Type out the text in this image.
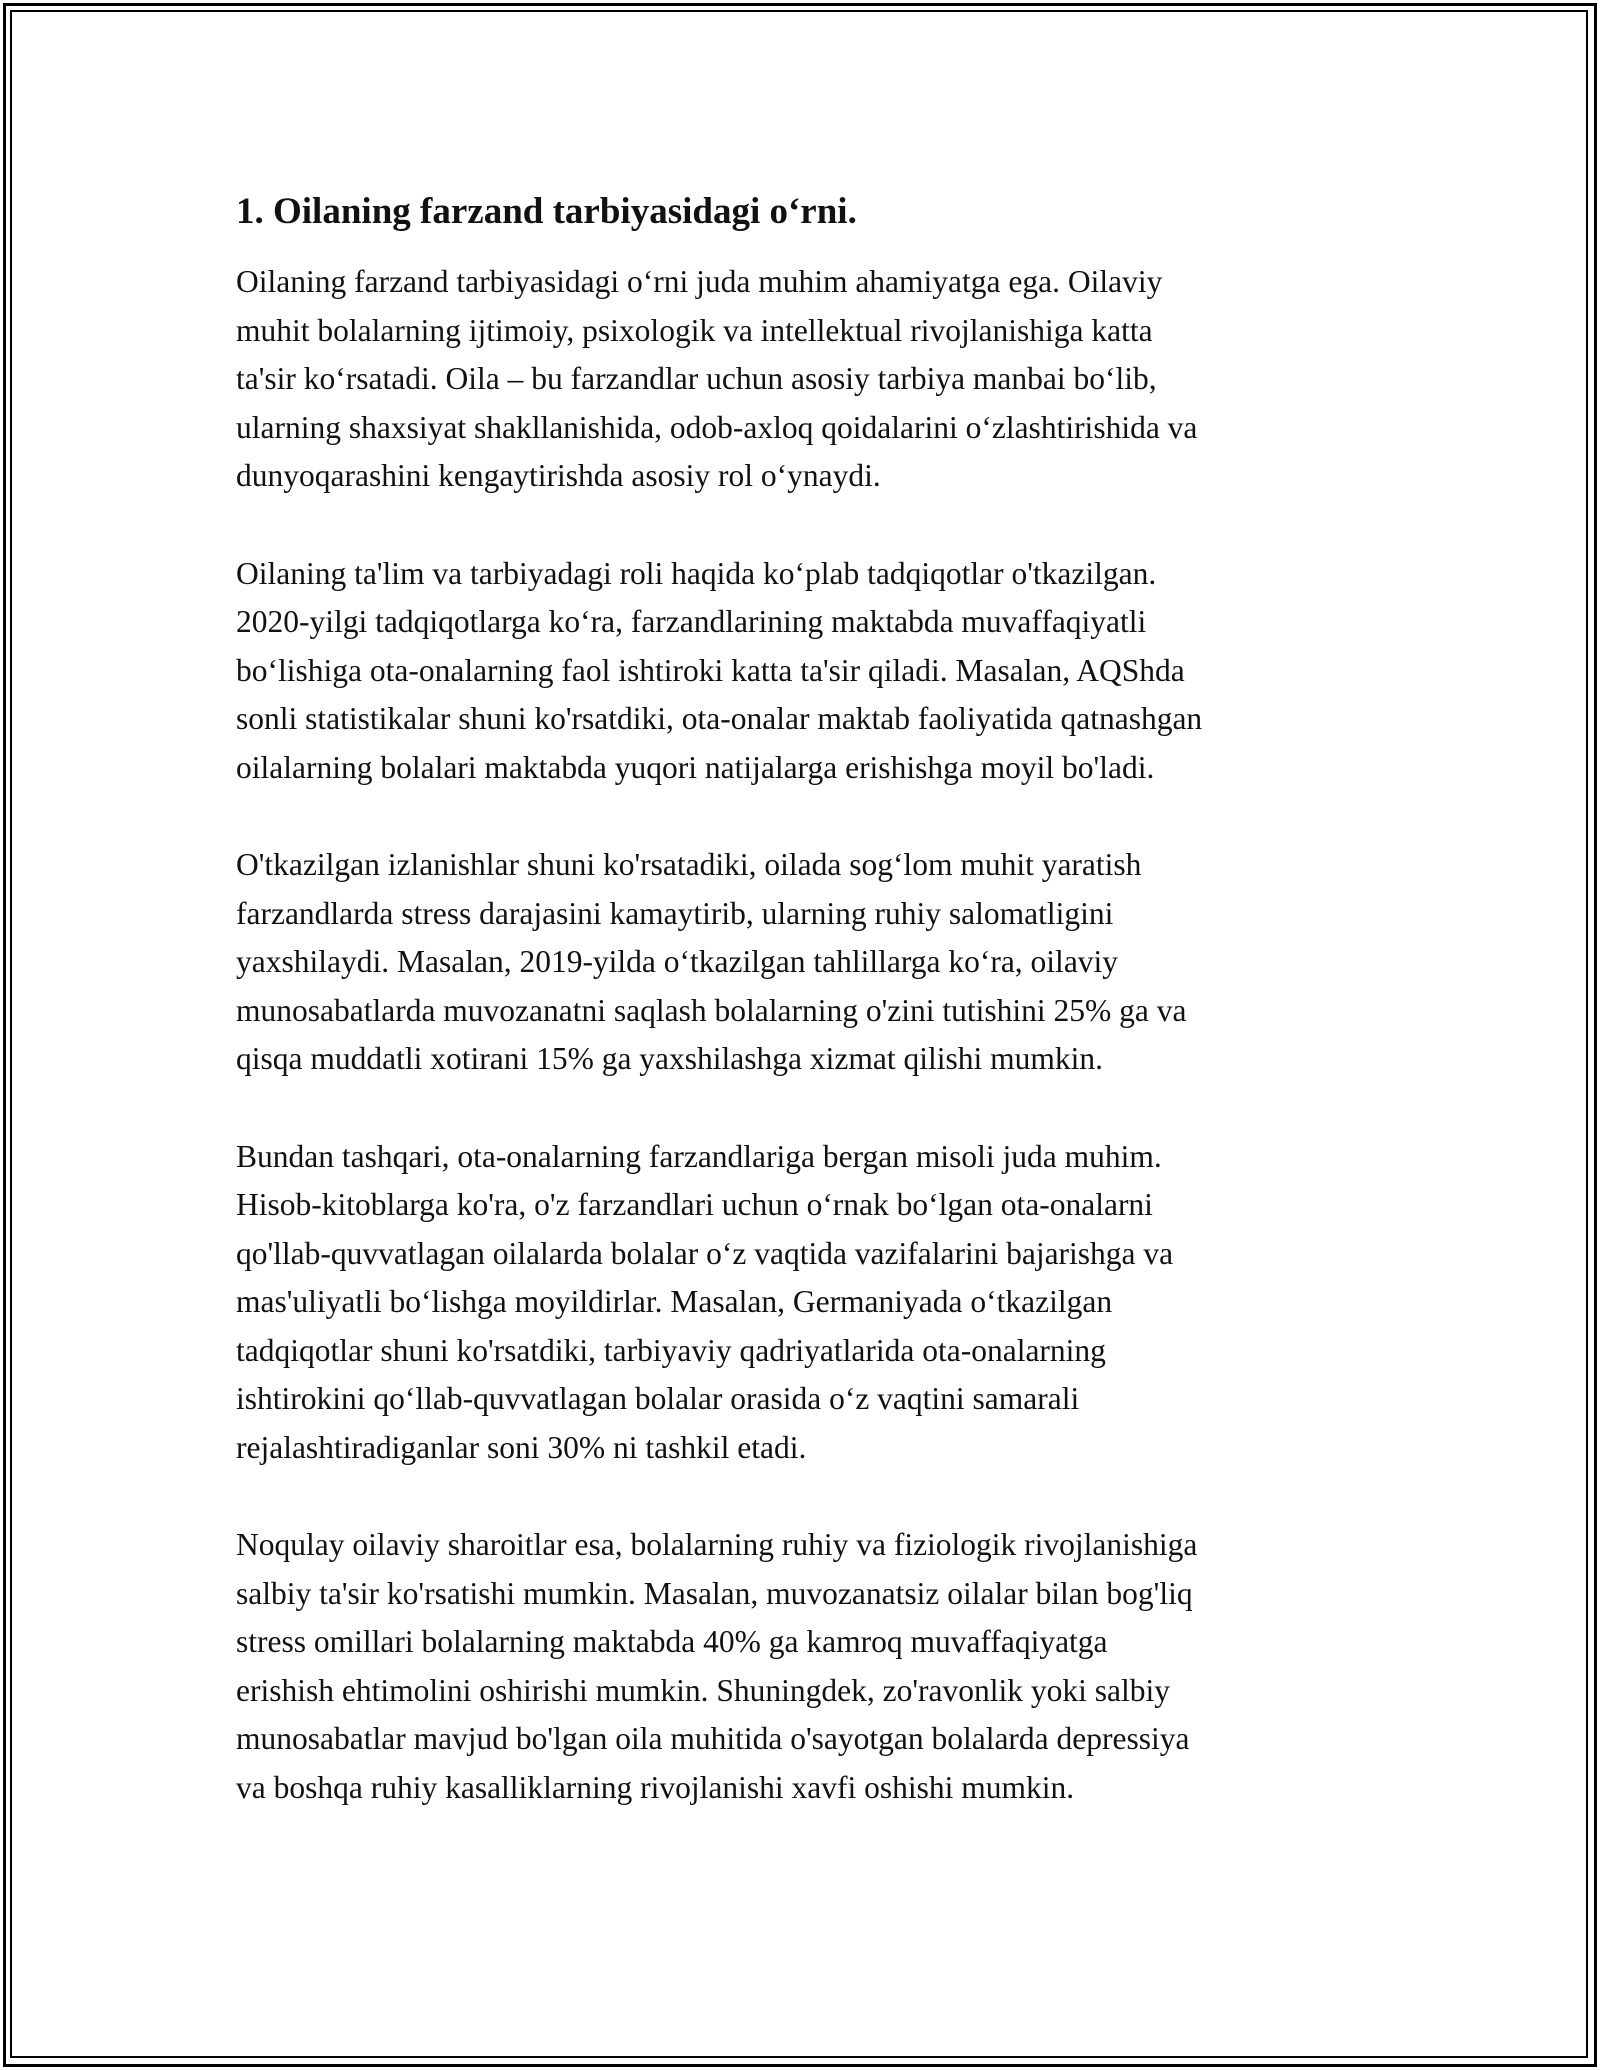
1. Oilaning farzand tarbiyasidagi o‘rni.
Oilaning farzand tarbiyasidagi o‘rni juda muhim ahamiyatga ega. Oilaviy
muhit bolalarning ijtimoiy, psixologik va intellektual rivojlanishiga katta
ta'sir ko‘rsatadi. Oila – bu farzandlar uchun asosiy tarbiya manbai bo‘lib,
ularning shaxsiyat shakllanishida, odob-axloq qoidalarini o‘zlashtirishida va
dunyoqarashini kengaytirishda asosiy rol o‘ynaydi.
Oilaning ta'lim va tarbiyadagi roli haqida ko‘plab tadqiqotlar o'tkazilgan.
2020-yilgi tadqiqotlarga ko‘ra, farzandlarining maktabda muvaffaqiyatli
bo‘lishiga ota-onalarning faol ishtiroki katta ta'sir qiladi. Masalan, AQShda
sonli statistikalar shuni ko'rsatdiki, ota-onalar maktab faoliyatida qatnashgan
oilalarning bolalari maktabda yuqori natijalarga erishishga moyil bo'ladi.
O'tkazilgan izlanishlar shuni ko'rsatadiki, oilada sog‘lom muhit yaratish
farzandlarda stress darajasini kamaytirib, ularning ruhiy salomatligini
yaxshilaydi. Masalan, 2019-yilda o‘tkazilgan tahlillarga ko‘ra, oilaviy
munosabatlarda muvozanatni saqlash bolalarning o'zini tutishini 25% ga va
qisqa muddatli xotirani 15% ga yaxshilashga xizmat qilishi mumkin.
Bundan tashqari, ota-onalarning farzandlariga bergan misoli juda muhim.
Hisob-kitoblarga ko'ra, o'z farzandlari uchun o‘rnak bo‘lgan ota-onalarni
qo'llab-quvvatlagan oilalarda bolalar o‘z vaqtida vazifalarini bajarishga va
mas'uliyatli bo‘lishga moyildirlar. Masalan, Germaniyada o‘tkazilgan
tadqiqotlar shuni ko'rsatdiki, tarbiyaviy qadriyatlarida ota-onalarning
ishtirokini qo‘llab-quvvatlagan bolalar orasida o‘z vaqtini samarali
rejalashtiradiganlar soni 30% ni tashkil etadi.
Noqulay oilaviy sharoitlar esa, bolalarning ruhiy va fiziologik rivojlanishiga
salbiy ta'sir ko'rsatishi mumkin. Masalan, muvozanatsiz oilalar bilan bog'liq
stress omillari bolalarning maktabda 40% ga kamroq muvaffaqiyatga
erishish ehtimolini oshirishi mumkin. Shuningdek, zo'ravonlik yoki salbiy
munosabatlar mavjud bo'lgan oila muhitida o'sayotgan bolalarda depressiya
va boshqa ruhiy kasalliklarning rivojlanishi xavfi oshishi mumkin.
